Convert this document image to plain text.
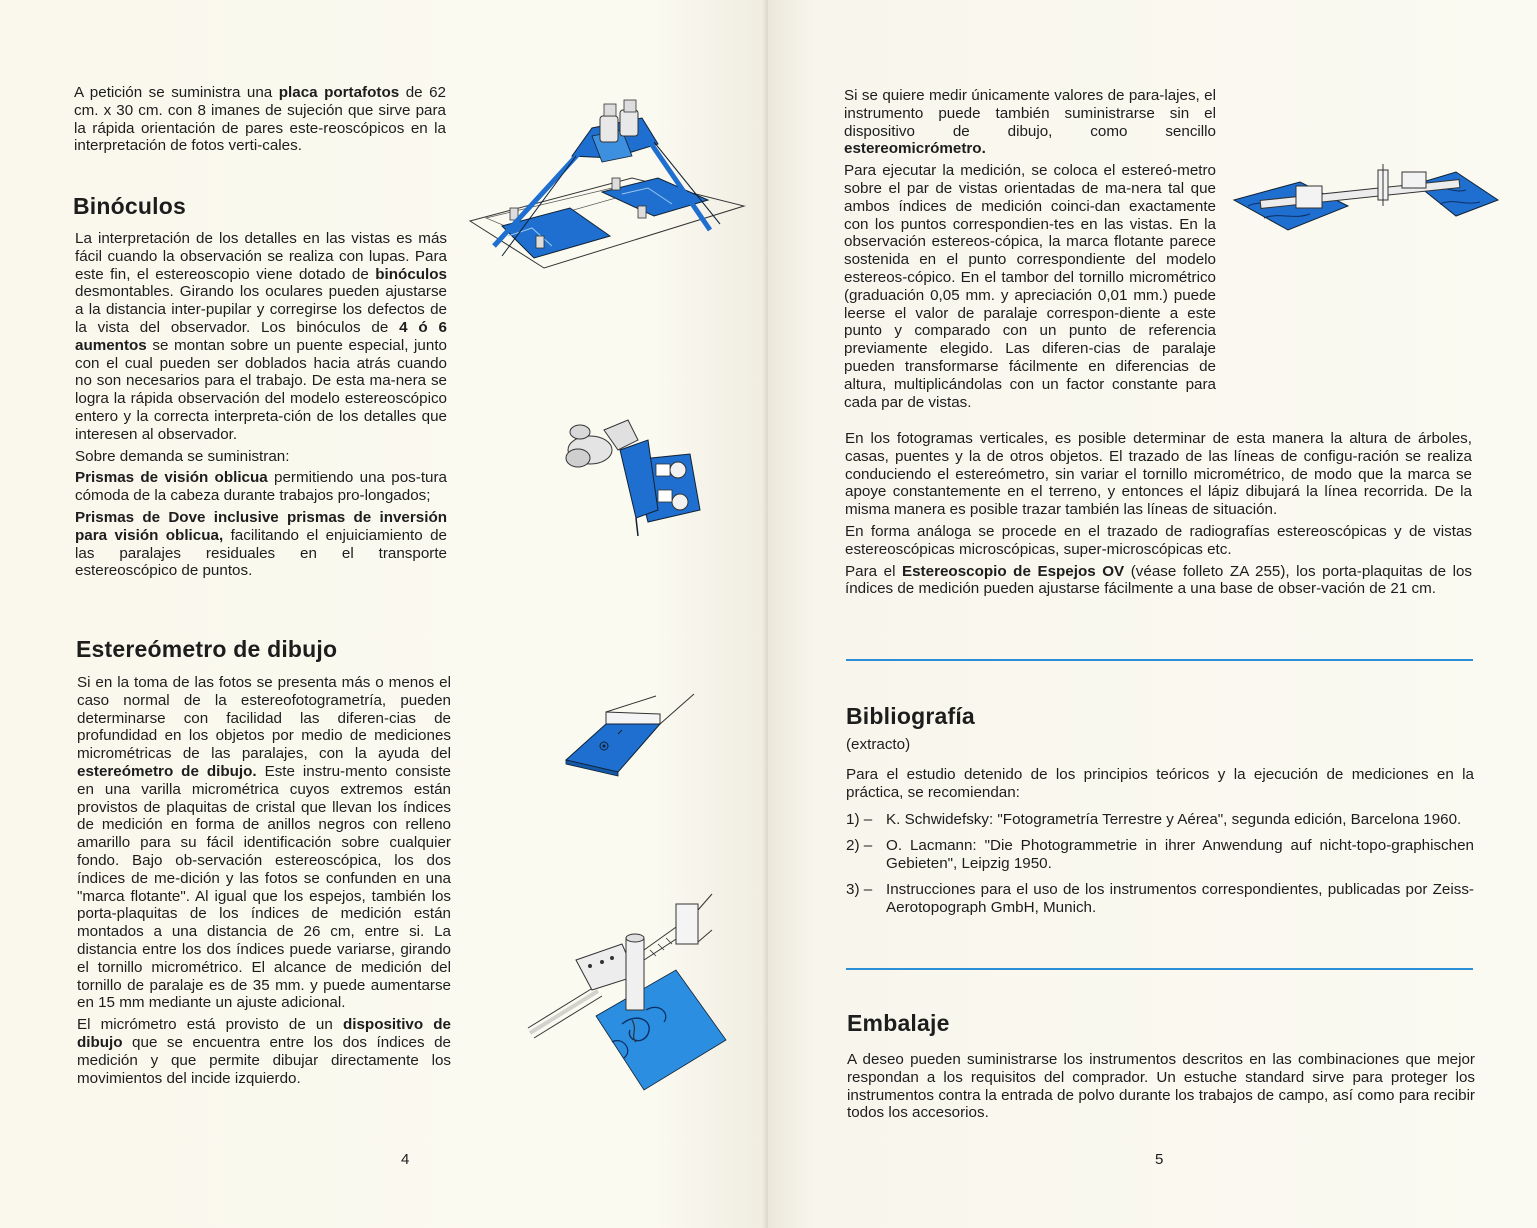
A petición se suministra una placa portafotos de 62 cm. x 30 cm. con 8 imanes de sujeción que sirve para la rápida orientación de pares este-reoscópicos en la interpretación de fotos verti-cales.

Binóculos

La interpretación de los detalles en las vistas es más fácil cuando la observación se realiza con lupas. Para este fin, el estereoscopio viene dotado de binóculos desmontables. Girando los oculares pueden ajustarse a la distancia inter-pupilar y corregirse los defectos de la vista del observador. Los binóculos de 4 ó 6 aumentos se montan sobre un puente especial, junto con el cual pueden ser doblados hacia atrás cuando no son necesarios para el trabajo. De esta ma-nera se logra la rápida observación del modelo estereoscópico entero y la correcta interpreta-ción de los detalles que interesen al observador.

Sobre demanda se suministran:

Prismas de visión oblicua permitiendo una pos-tura cómoda de la cabeza durante trabajos pro-longados;

Prismas de Dove inclusive prismas de inversión para visión oblicua, facilitando el enjuiciamiento de las paralajes residuales en el transporte estereoscópico de puntos.

Estereómetro de dibujo

Si en la toma de las fotos se presenta más o menos el caso normal de la estereofotogrametría, pueden determinarse con facilidad las diferen-cias de profundidad en los objetos por medio de mediciones micrométricas de las paralajes, con la ayuda del estereómetro de dibujo. Este instru-mento consiste en una varilla micrométrica cuyos extremos están provistos de plaquitas de cristal que llevan los índices de medición en forma de anillos negros con relleno amarillo para su fácil identificación sobre cualquier fondo. Bajo ob-servación estereoscópica, los dos índices de me-dición y las fotos se confunden en una "marca flotante". Al igual que los espejos, también los porta-plaquitas de los índices de medición están montados a una distancia de 26 cm, entre si. La distancia entre los dos índices puede variarse, girando el tornillo micrométrico. El alcance de medición del tornillo de paralaje es de 35 mm. y puede aumentarse en 15 mm mediante un ajuste adicional.

El micrómetro está provisto de un dispositivo de dibujo que se encuentra entre los dos índices de medición y que permite dibujar directamente los movimientos del incide izquierdo.

4

Si se quiere medir únicamente valores de para-lajes, el instrumento puede también suministrarse sin el dispositivo de dibujo, como sencillo estereomicrómetro.

Para ejecutar la medición, se coloca el estereó-metro sobre el par de vistas orientadas de ma-nera tal que ambos índices de medición coinci-dan exactamente con los puntos correspondien-tes en las vistas. En la observación estereos-cópica, la marca flotante parece sostenida en el punto correspondiente del modelo estereos-cópico. En el tambor del tornillo micrométrico (graduación 0,05 mm. y apreciación 0,01 mm.) puede leerse el valor de paralaje correspon-diente a este punto y comparado con un punto de referencia previamente elegido. Las diferen-cias de paralaje pueden transformarse fácilmente en diferencias de altura, multiplicándolas con un factor constante para cada par de vistas.

En los fotogramas verticales, es posible determinar de esta manera la altura de árboles, casas, puentes y la de otros objetos. El trazado de las líneas de configu-ración se realiza conduciendo el estereómetro, sin variar el tornillo micrométrico, de modo que la marca se apoye constantemente en el terreno, y entonces el lápiz dibujará la línea recorrida. De la misma manera es posible trazar también las líneas de situación.

En forma análoga se procede en el trazado de radiografías estereoscópicas y de vistas estereoscópicas microscópicas, super-microscópicas etc.

Para el Estereoscopio de Espejos OV (véase folleto ZA 255), los porta-plaquitas de los índices de medición pueden ajustarse fácilmente a una base de obser-vación de 21 cm.

Bibliografía
(extracto)

Para el estudio detenido de los principios teóricos y la ejecución de mediciones en la práctica, se recomiendan:

1) – K. Schwidefsky: "Fotogrametría Terrestre y Aérea", segunda edición, Barcelona 1960.
2) – O. Lacmann: "Die Photogrammetrie in ihrer Anwendung auf nicht-topo-graphischen Gebieten", Leipzig 1950.
3) – Instrucciones para el uso de los instrumentos correspondientes, publicadas por Zeiss-Aerotopograph GmbH, Munich.
Embalaje

A deseo pueden suministrarse los instrumentos descritos en las combinaciones que mejor respondan a los requisitos del comprador. Un estuche standard sirve para proteger los instrumentos contra la entrada de polvo durante los trabajos de campo, así como para recibir todos los accesorios.

5
